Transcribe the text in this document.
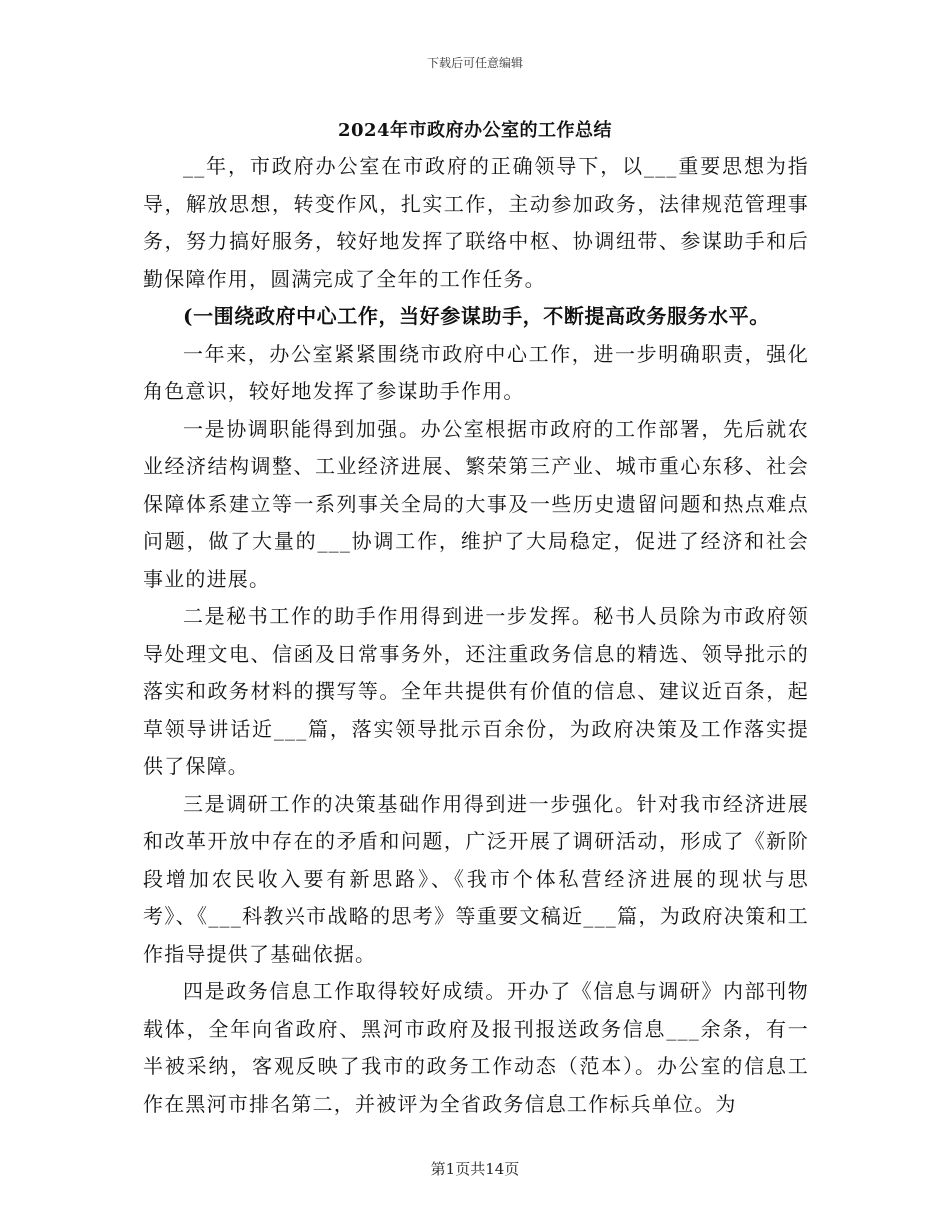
下载后可任意编辑
2024年市政府办公室的工作总结

__年，市政府办公室在市政府的正确领导下，以___重要思想为指导，解放思想，转变作风，扎实工作，主动参加政务，法律规范管理事务，努力搞好服务，较好地发挥了联络中枢、协调纽带、参谋助手和后勤保障作用，圆满完成了全年的工作任务。

(一围绕政府中心工作，当好参谋助手，不断提高政务服务水平。

一年来，办公室紧紧围绕市政府中心工作，进一步明确职责，强化角色意识，较好地发挥了参谋助手作用。

一是协调职能得到加强。办公室根据市政府的工作部署，先后就农业经济结构调整、工业经济进展、繁荣第三产业、城市重心东移、社会保障体系建立等一系列事关全局的大事及一些历史遗留问题和热点难点问题，做了大量的___协调工作，维护了大局稳定，促进了经济和社会事业的进展。

二是秘书工作的助手作用得到进一步发挥。秘书人员除为市政府领导处理文电、信函及日常事务外，还注重政务信息的精选、领导批示的落实和政务材料的撰写等。全年共提供有价值的信息、建议近百条，起草领导讲话近___篇，落实领导批示百余份，为政府决策及工作落实提供了保障。

三是调研工作的决策基础作用得到进一步强化。针对我市经济进展和改革开放中存在的矛盾和问题，广泛开展了调研活动，形成了《新阶段增加农民收入要有新思路》、《我市个体私营经济进展的现状与思考》、《___科教兴市战略的思考》等重要文稿近___篇，为政府决策和工作指导提供了基础依据。

四是政务信息工作取得较好成绩。开办了《信息与调研》内部刊物载体，全年向省政府、黑河市政府及报刊报送政务信息___余条，有一半被采纳，客观反映了我市的政务工作动态（范本）。办公室的信息工作在黑河市排名第二，并被评为全省政务信息工作标兵单位。为

第1页共14页
